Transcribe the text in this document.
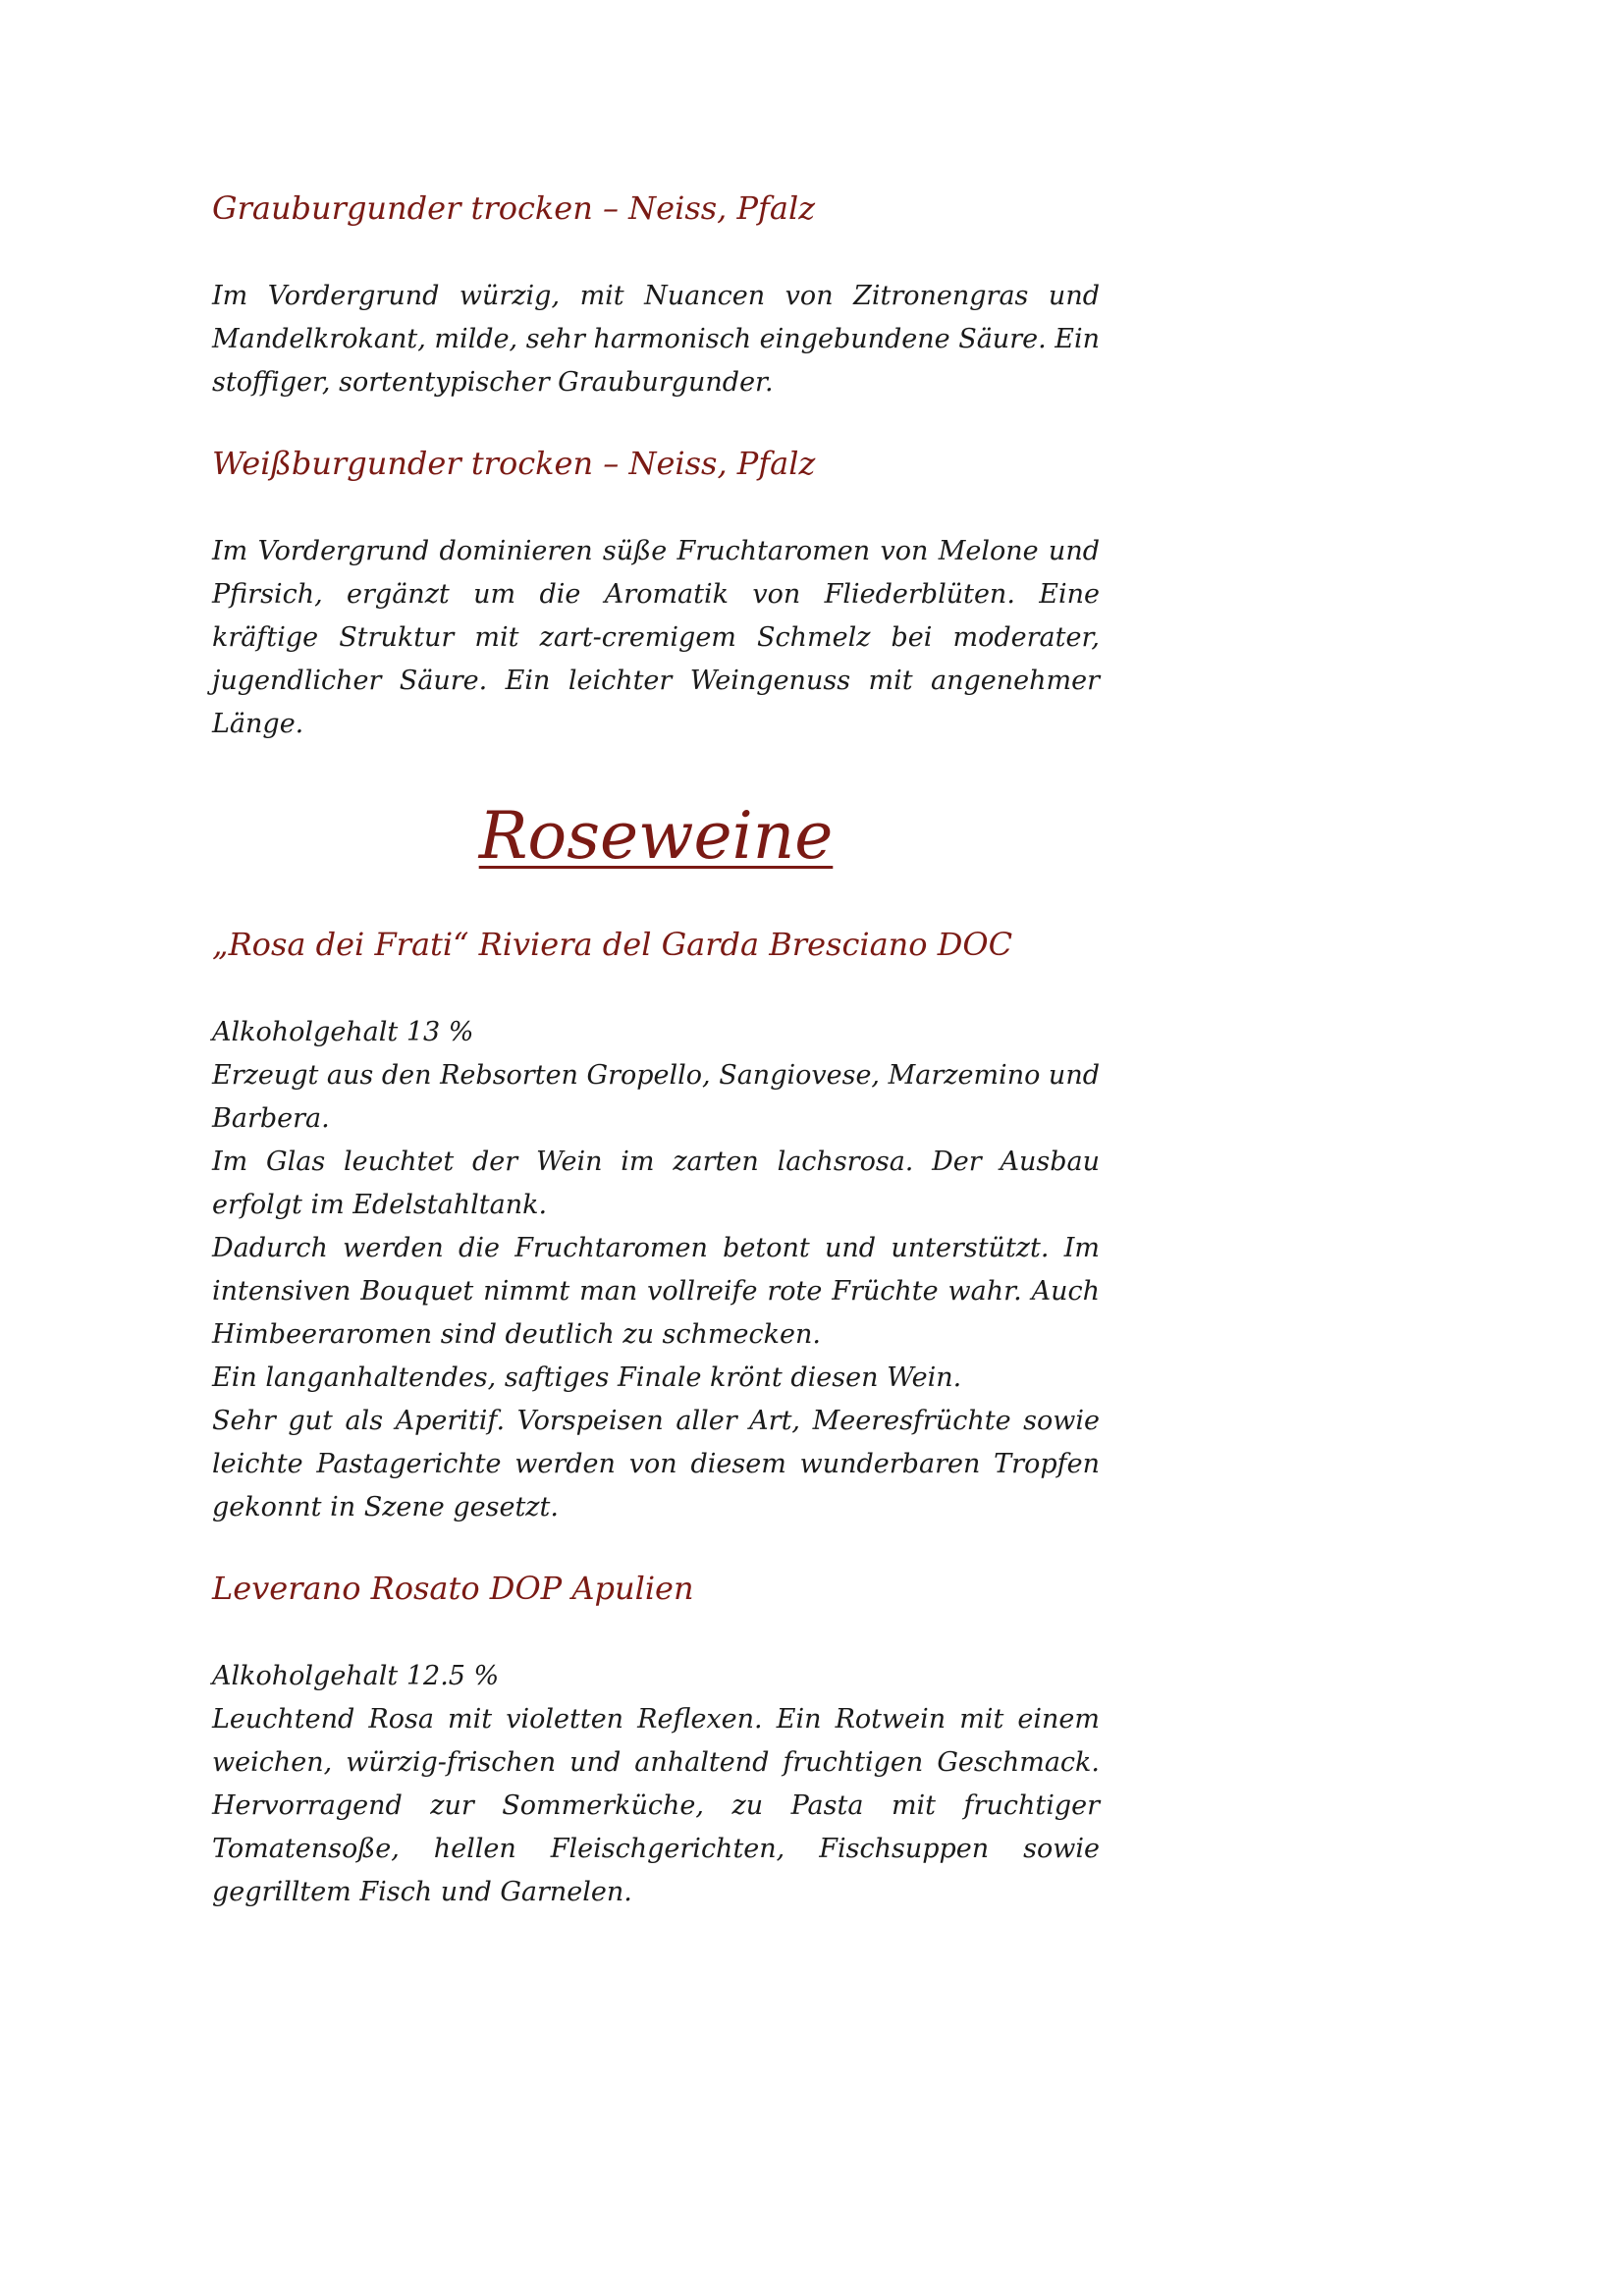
Grauburgunder trocken – Neiss, Pfalz

Im Vordergrund würzig, mit Nuancen von Zitronengras und Mandelkrokant, milde, sehr harmonisch eingebundene Säure. Ein stoffiger, sortentypischer Grauburgunder.

Weißburgunder trocken – Neiss, Pfalz

Im Vordergrund dominieren süße Fruchtaromen von Melone und Pfirsich, ergänzt um die Aromatik von Fliederblüten. Eine kräftige Struktur mit zart-cremigem Schmelz bei moderater, jugendlicher Säure. Ein leichter Weingenuss mit angenehmer Länge.

Roseweine
„Rosa dei Frati“ Riviera del Garda Bresciano DOC

Alkoholgehalt 13 %

Erzeugt aus den Rebsorten Gropello, Sangiovese, Marzemino und Barbera.

Im Glas leuchtet der Wein im zarten lachsrosa. Der Ausbau erfolgt im Edelstahltank.

Dadurch werden die Fruchtaromen betont und unterstützt. Im intensiven Bouquet nimmt man vollreife rote Früchte wahr. Auch Himbeeraromen sind deutlich zu schmecken.

Ein langanhaltendes, saftiges Finale krönt diesen Wein.

Sehr gut als Aperitif. Vorspeisen aller Art, Meeresfrüchte sowie leichte Pastagerichte werden von diesem wunderbaren Tropfen gekonnt in Szene gesetzt.

Leverano Rosato DOP Apulien

Alkoholgehalt 12.5 %

Leuchtend Rosa mit violetten Reflexen. Ein Rotwein mit einem weichen, würzig-frischen und anhaltend fruchtigen Geschmack. Hervorragend zur Sommerküche, zu Pasta mit fruchtiger Tomatensoße, hellen Fleischgerichten, Fischsuppen sowie gegrilltem Fisch und Garnelen.
